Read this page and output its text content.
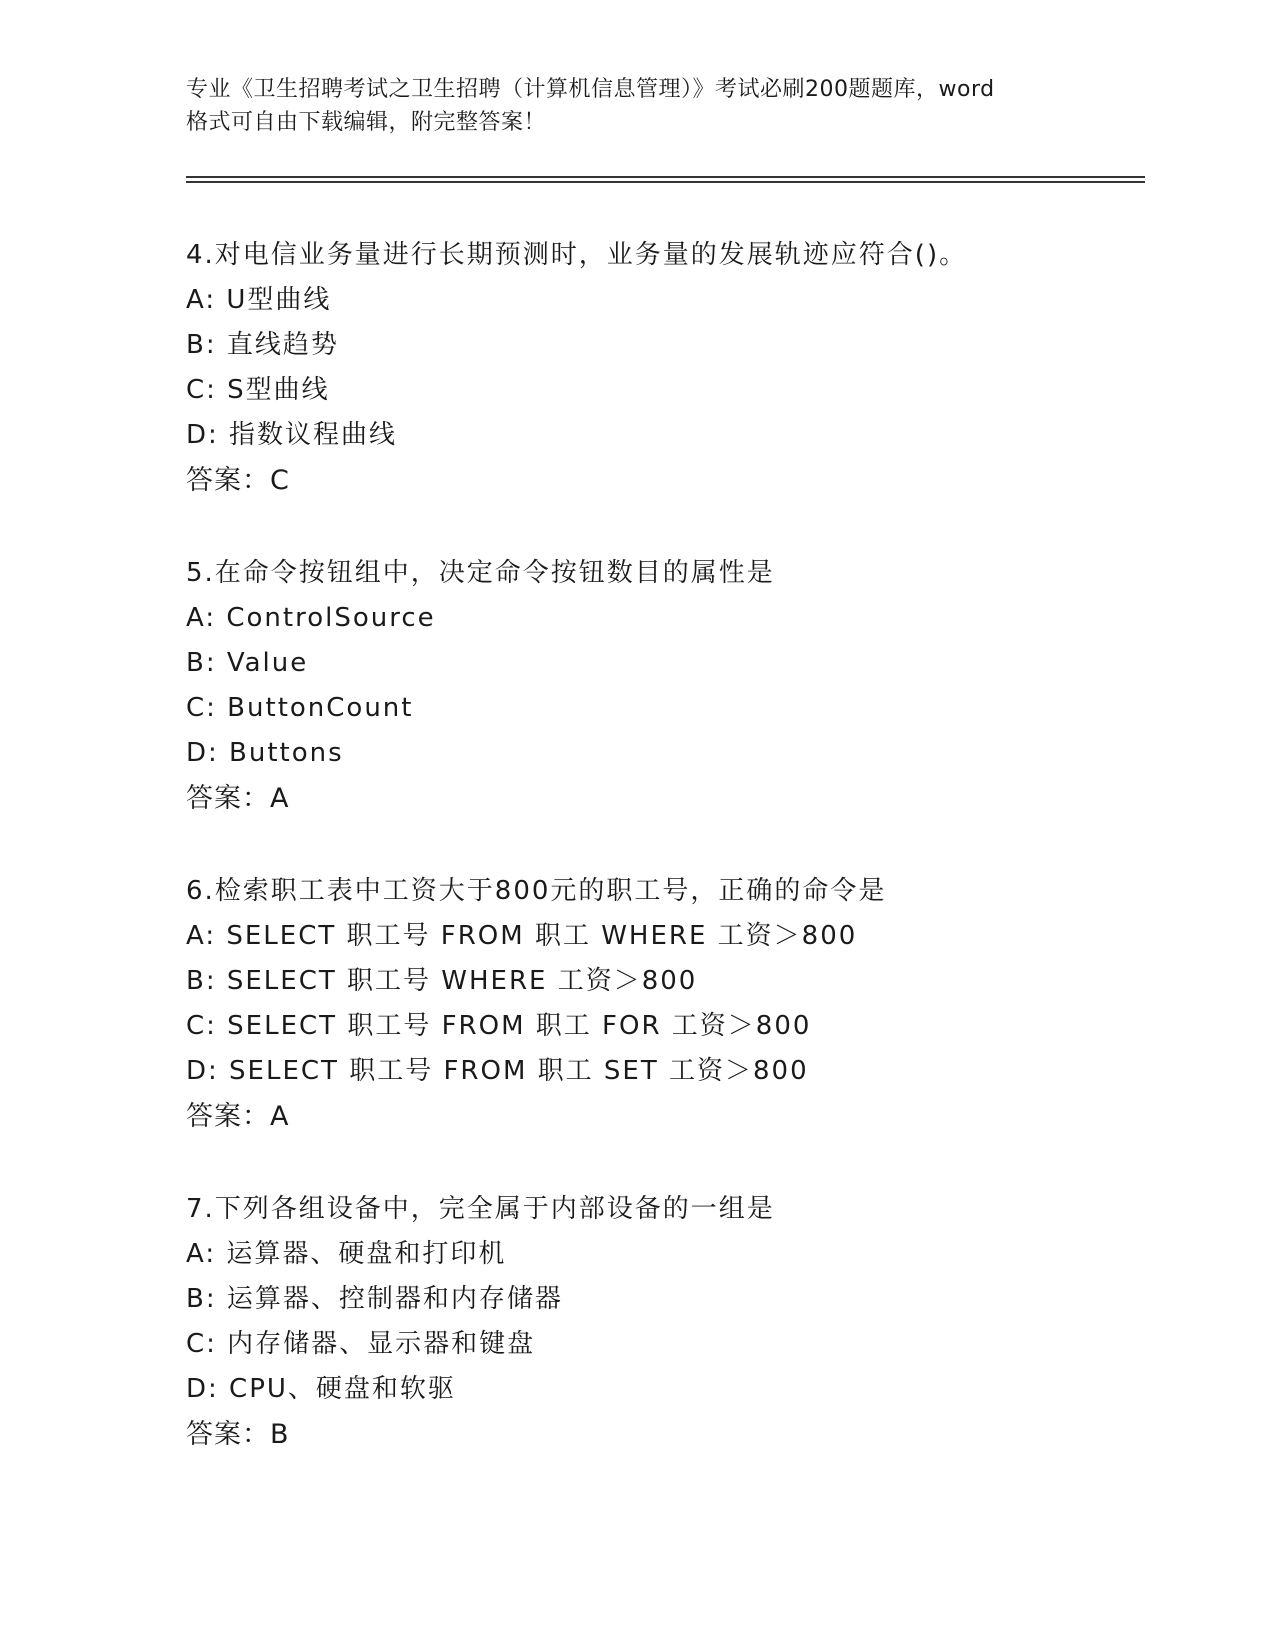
专业《卫生招聘考试之卫生招聘（计算机信息管理）》考试必刷200题题库，word
格式可自由下载编辑，附完整答案！
4.对电信业务量进行长期预测时，业务量的发展轨迹应符合()。
A: U型曲线
B: 直线趋势
C: S型曲线
D: 指数议程曲线
答案：C
5.在命令按钮组中，决定命令按钮数目的属性是
A: ControlSource
B: Value
C: ButtonCount
D: Buttons
答案：A
6.检索职工表中工资大于800元的职工号，正确的命令是
A: SELECT 职工号 FROM 职工 WHERE 工资＞800
B: SELECT 职工号 WHERE 工资＞800
C: SELECT 职工号 FROM 职工 FOR 工资＞800
D: SELECT 职工号 FROM 职工 SET 工资＞800
答案：A
7.下列各组设备中，完全属于内部设备的一组是
A: 运算器、硬盘和打印机
B: 运算器、控制器和内存储器
C: 内存储器、显示器和键盘
D: CPU、硬盘和软驱
答案：B
